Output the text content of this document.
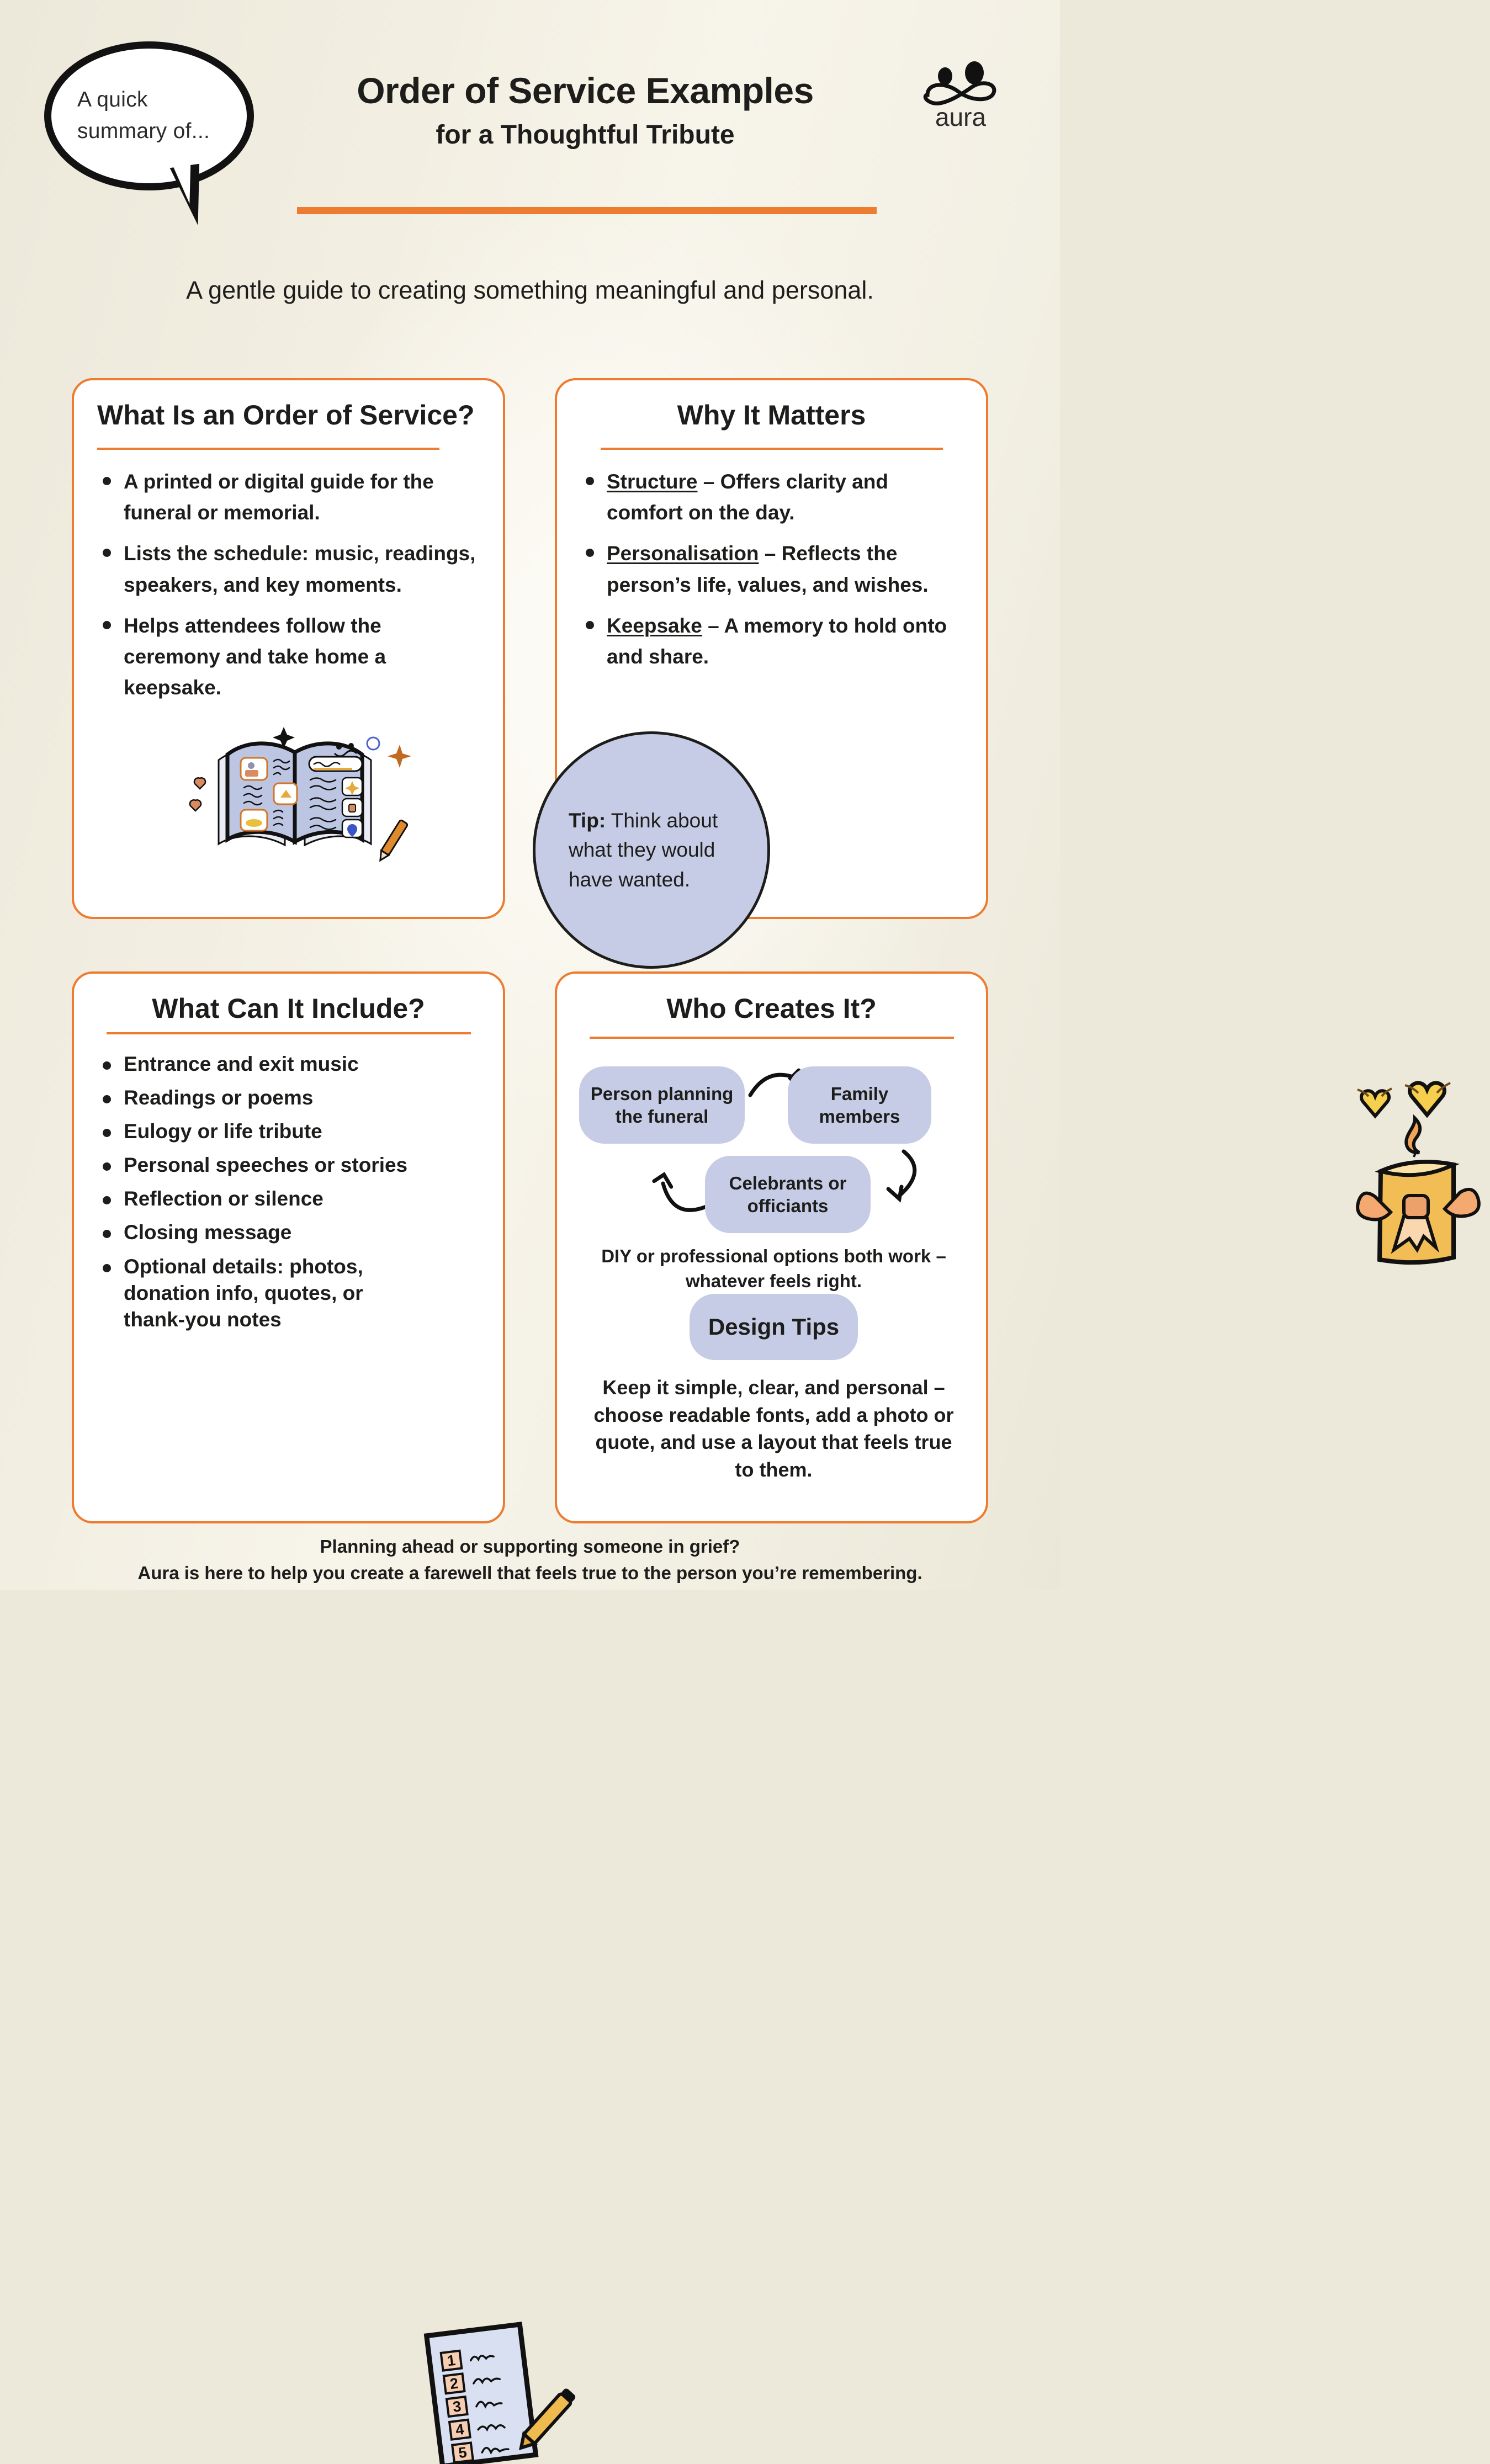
A quick summary of...
Order of Service Examples
for a Thoughtful Tribute
aura
A gentle guide to creating something meaningful and personal.
What Is an Order of Service?
A printed or digital guide for the funeral or memorial.
Lists the schedule: music, readings, speakers, and key moments.
Helps attendees follow the ceremony and take home a keepsake.
Why It Matters
Structure – Offers clarity and comfort on the day.
Personalisation – Reflects the person’s life, values, and wishes.
Keepsake – A memory to hold onto and share.
Tip: Think about what they would have wanted.
What Can It Include?
Entrance and exit music
Readings or poems
Eulogy or life tribute
Personal speeches or stories
Reflection or silence
Closing message
Optional details: photos, donation info, quotes, or thank-you notes
1
2
3
4
5
Who Creates It?
Person planning the funeral
Family members
Celebrants or officiants
DIY or professional options both work – whatever feels right.
Design Tips
Keep it simple, clear, and personal – choose readable fonts, add a photo or quote, and use a layout that feels true to them.
Planning ahead or supporting someone in grief?
Aura is here to help you create a farewell that feels true to the person you’re remembering.
